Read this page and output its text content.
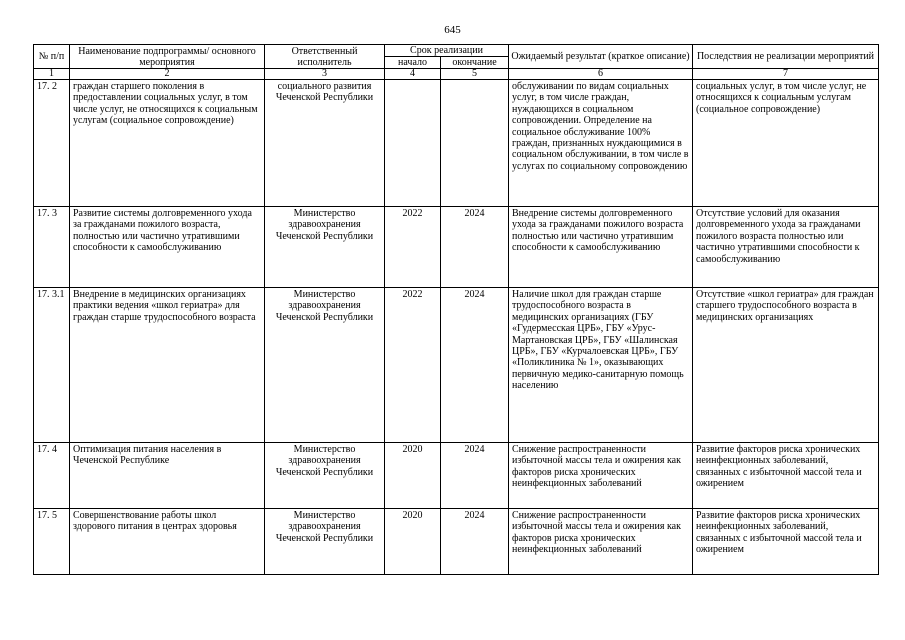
645
№ п/п	Наименование подпрограммы/ основного мероприятия	Ответственный исполнитель	Срок реализации		Ожидаемый результат (краткое описание)	Последствия не реализации мероприятий
			начало	окончание		
1	2	3	4	5	6	7
17. 2	граждан старшего поколения в предоставлении социальных услуг, в том числе услуг, не относящихся к социальным услугам (социальное сопровождение)	социального развития Чеченской Республики			обслуживании по видам социальных услуг, в том числе граждан, нуждающихся в социальном сопровождении. Определение на социальное обслуживание 100% граждан, признанных нуждающимися в социальном обслуживании, в том числе в услугах по социальному сопровождению	социальных услуг, в том числе услуг, не относящихся к социальным услугам (социальное сопровождение)
17. 3	Развитие системы долговременного ухода за гражданами пожилого возраста, полностью или частично утратившими способности к самообслуживанию	Министерство здравоохранения Чеченской Республики	2022	2024	Внедрение системы долговременного ухода за гражданами пожилого возраста полностью или частично утратившим способности к самообслуживанию	Отсутствие условий для оказания долговременного ухода за гражданами пожилого возраста полностью или частично утратившими способности к самообслуживанию
17. 3.1	Внедрение в медицинских организациях практики ведения «школ гериатра» для граждан старше трудоспособного возраста	Министерство здравоохранения Чеченской Республики	2022	2024	Наличие школ для граждан старше трудоспособного возраста в медицинских организациях (ГБУ «Гудермесская ЦРБ», ГБУ «Урус-Мартановская ЦРБ», ГБУ «Шалинская ЦРБ», ГБУ «Курчалоевская ЦРБ», ГБУ «Поликлиника № 1», оказывающих первичную медико-санитарную помощь населению	Отсутствие «школ гериатра» для граждан старшего трудоспособного возраста в медицинских организациях
17. 4	Оптимизация питания населения в Чеченской Республике	Министерство здравоохранения Чеченской Республики	2020	2024	Снижение распространенности избыточной массы тела и ожирения как факторов риска хронических неинфекционных заболеваний	Развитие факторов риска хронических неинфекционных заболеваний, связанных с избыточной массой тела и ожирением
17. 5	Совершенствование работы школ здорового питания в центрах здоровья	Министерство здравоохранения Чеченской Республики	2020	2024	Снижение распространенности избыточной массы тела и ожирения как факторов риска хронических неинфекционных заболеваний	Развитие факторов риска хронических неинфекционных заболеваний, связанных с избыточной массой тела и ожирением
